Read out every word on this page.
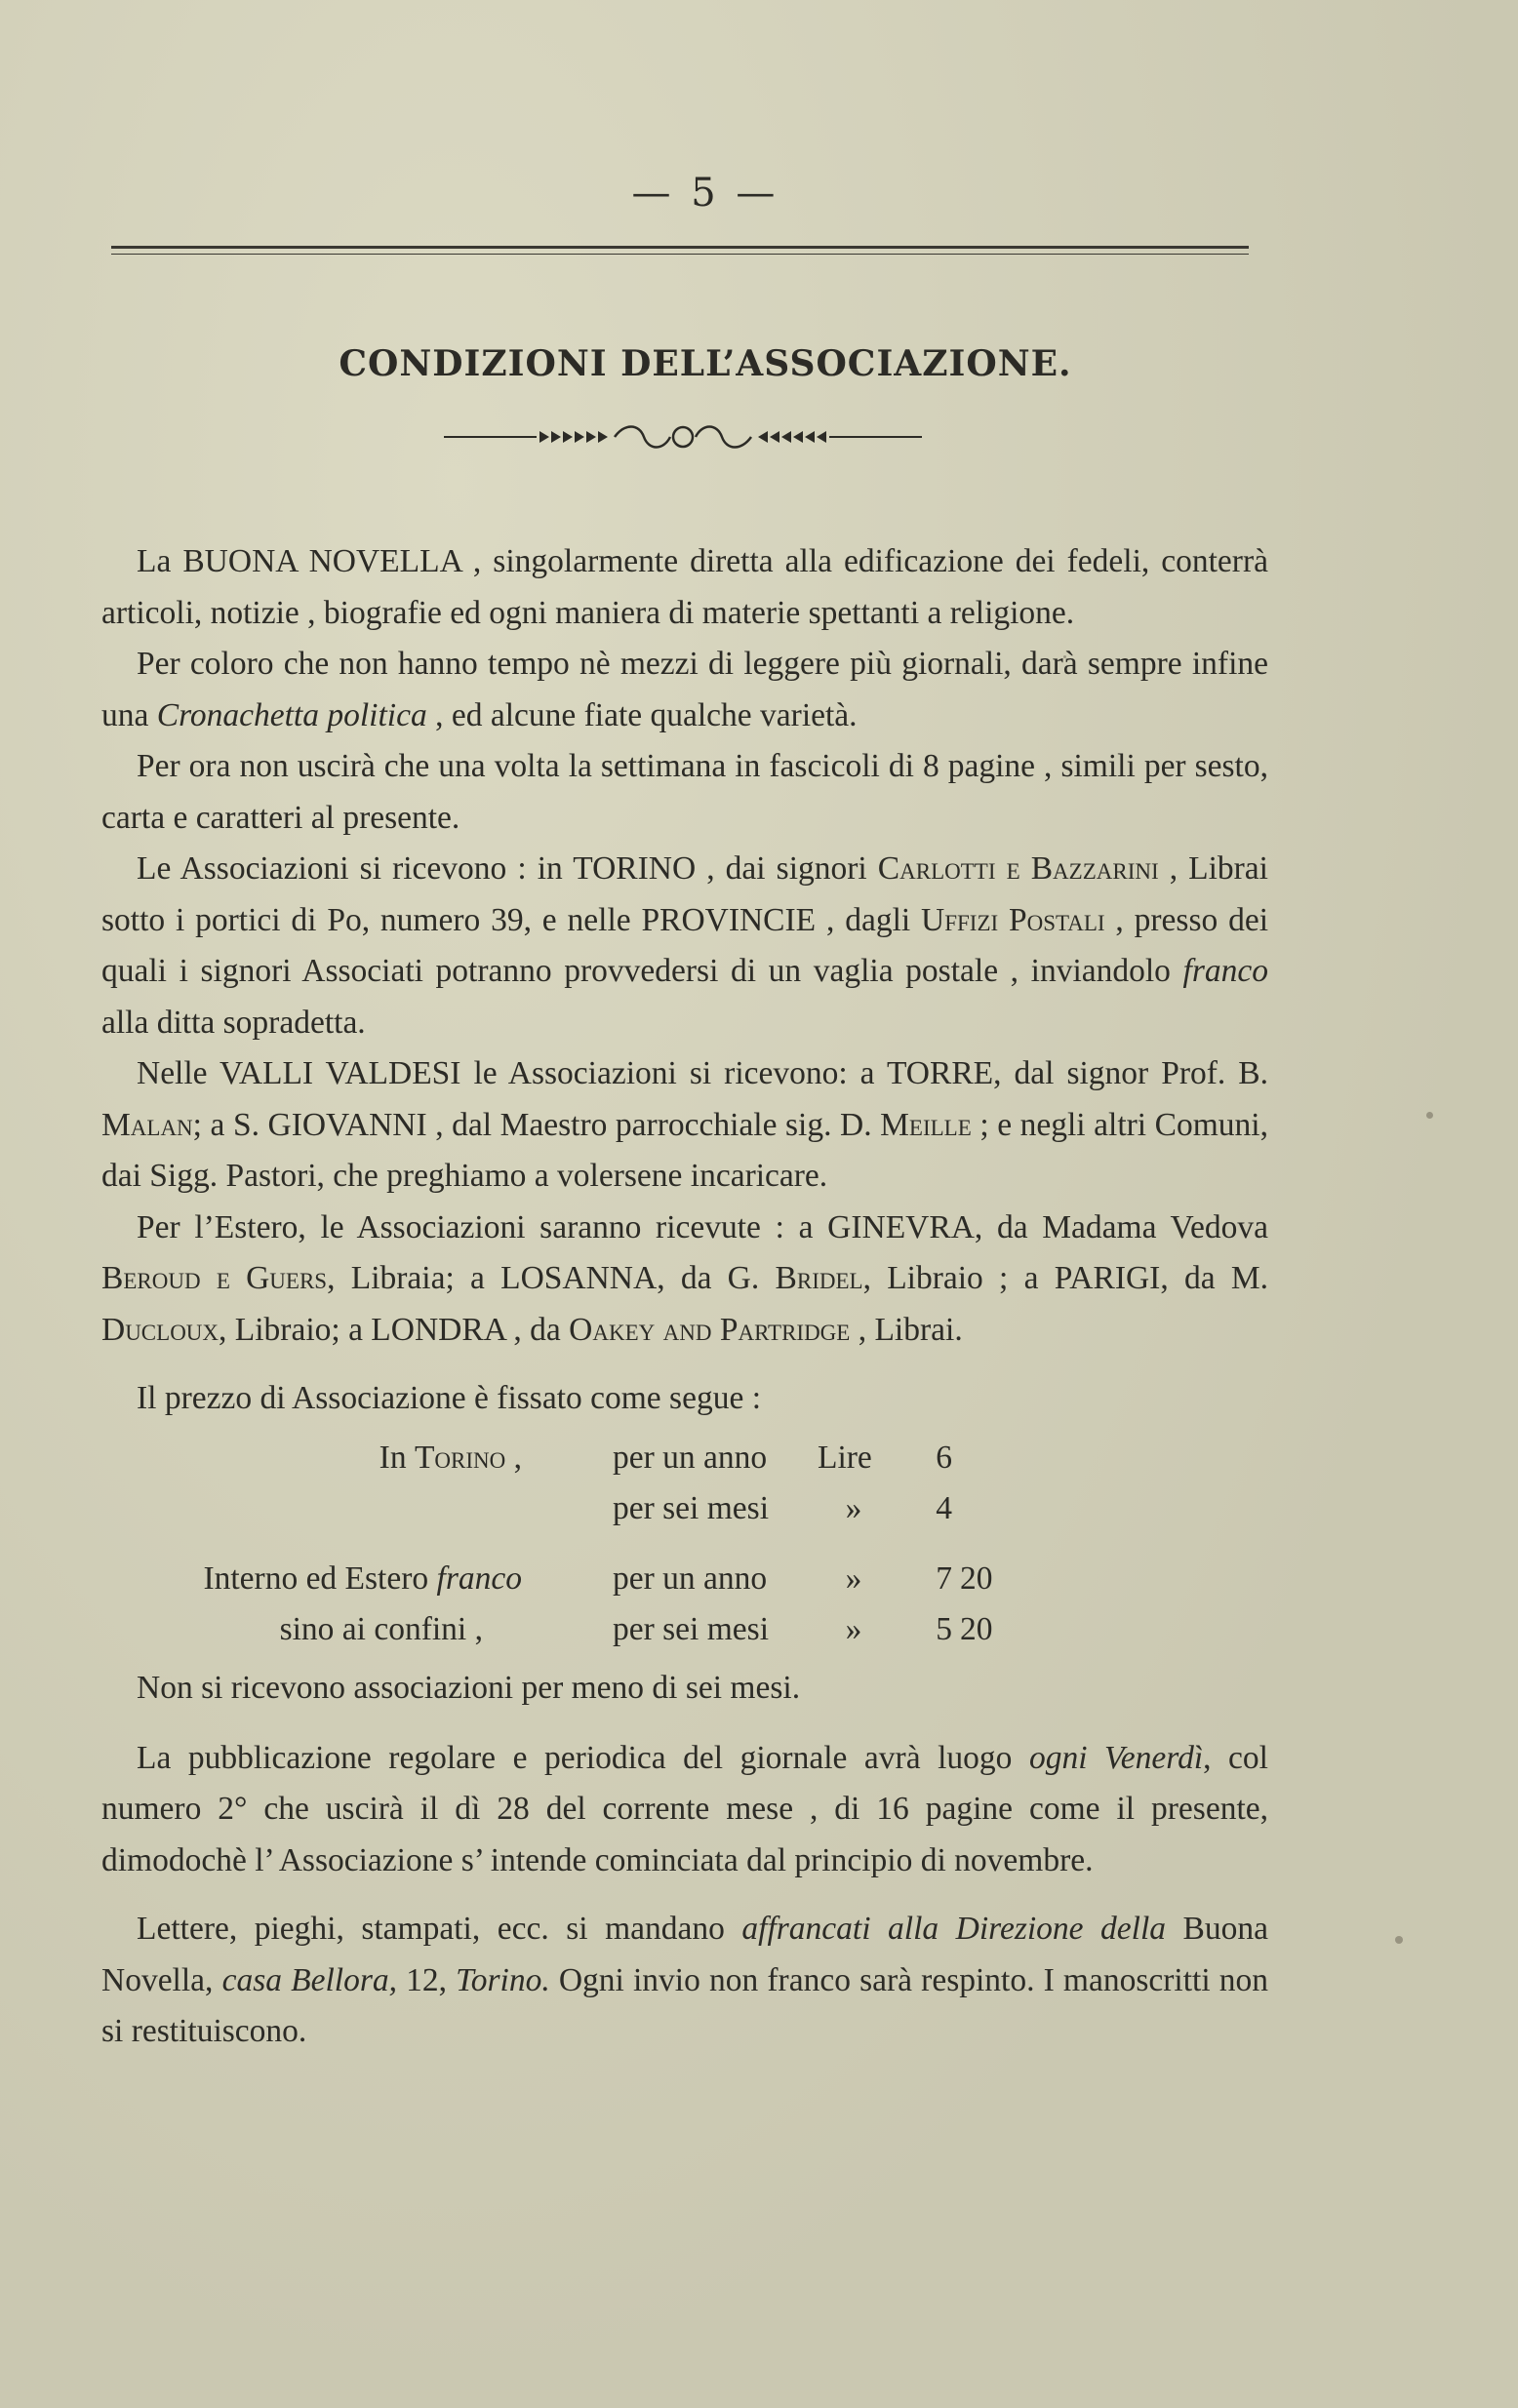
— 5 —
CONDIZIONI DELL’ASSOCIAZIONE.

La BUONA NOVELLA , singolarmente diretta alla edificazione dei fedeli, conterrà articoli, notizie , biografie ed ogni maniera di materie spettanti a religione.

Per coloro che non hanno tempo nè mezzi di leggere più giornali, darà sempre infine una Cronachetta politica , ed alcune fiate qualche varietà.

Per ora non uscirà che una volta la settimana in fascicoli di 8 pagine , simili per sesto, carta e caratteri al presente.

Le Associazioni si ricevono : in TORINO , dai signori Carlotti e Bazzarini , Librai sotto i portici di Po, numero 39, e nelle PROVINCIE , dagli Uffizi Postali , presso dei quali i signori Associati potranno provvedersi di un vaglia postale , inviandolo franco alla ditta sopradetta.

Nelle VALLI VALDESI le Associazioni si ricevono: a TORRE, dal signor Prof. B. Malan; a S. GIOVANNI , dal Maestro parrocchiale sig. D. Meille ; e negli altri Comuni, dai Sigg. Pastori, che preghiamo a volersene incaricare.

Per l’Estero, le Associazioni saranno ricevute : a GINEVRA, da Madama Vedova Beroud e Guers, Libraia; a LOSANNA, da G. Bridel, Libraio ; a PARIGI, da M. Ducloux, Libraio; a LONDRA , da Oakey and Partridge , Librai.

Il prezzo di Associazione è fissato come segue :

In Torino ,	per un anno Lire	6
per sei mesi »	4
Interno ed Estero franco	per un anno »	7 20
sino ai confini ,	per sei mesi »	5 20
Non si ricevono associazioni per meno di sei mesi.

La pubblicazione regolare e periodica del giornale avrà luogo ogni Venerdì, col numero 2° che uscirà il dì 28 del corrente mese , di 16 pagine come il presente, dimodochè l’ Associazione s’ intende cominciata dal principio di novembre.

Lettere, pieghi, stampati, ecc. si mandano affrancati alla Direzione della Buona Novella, casa Bellora, 12, Torino. Ogni invio non franco sarà respinto. I manoscritti non si restituiscono.
